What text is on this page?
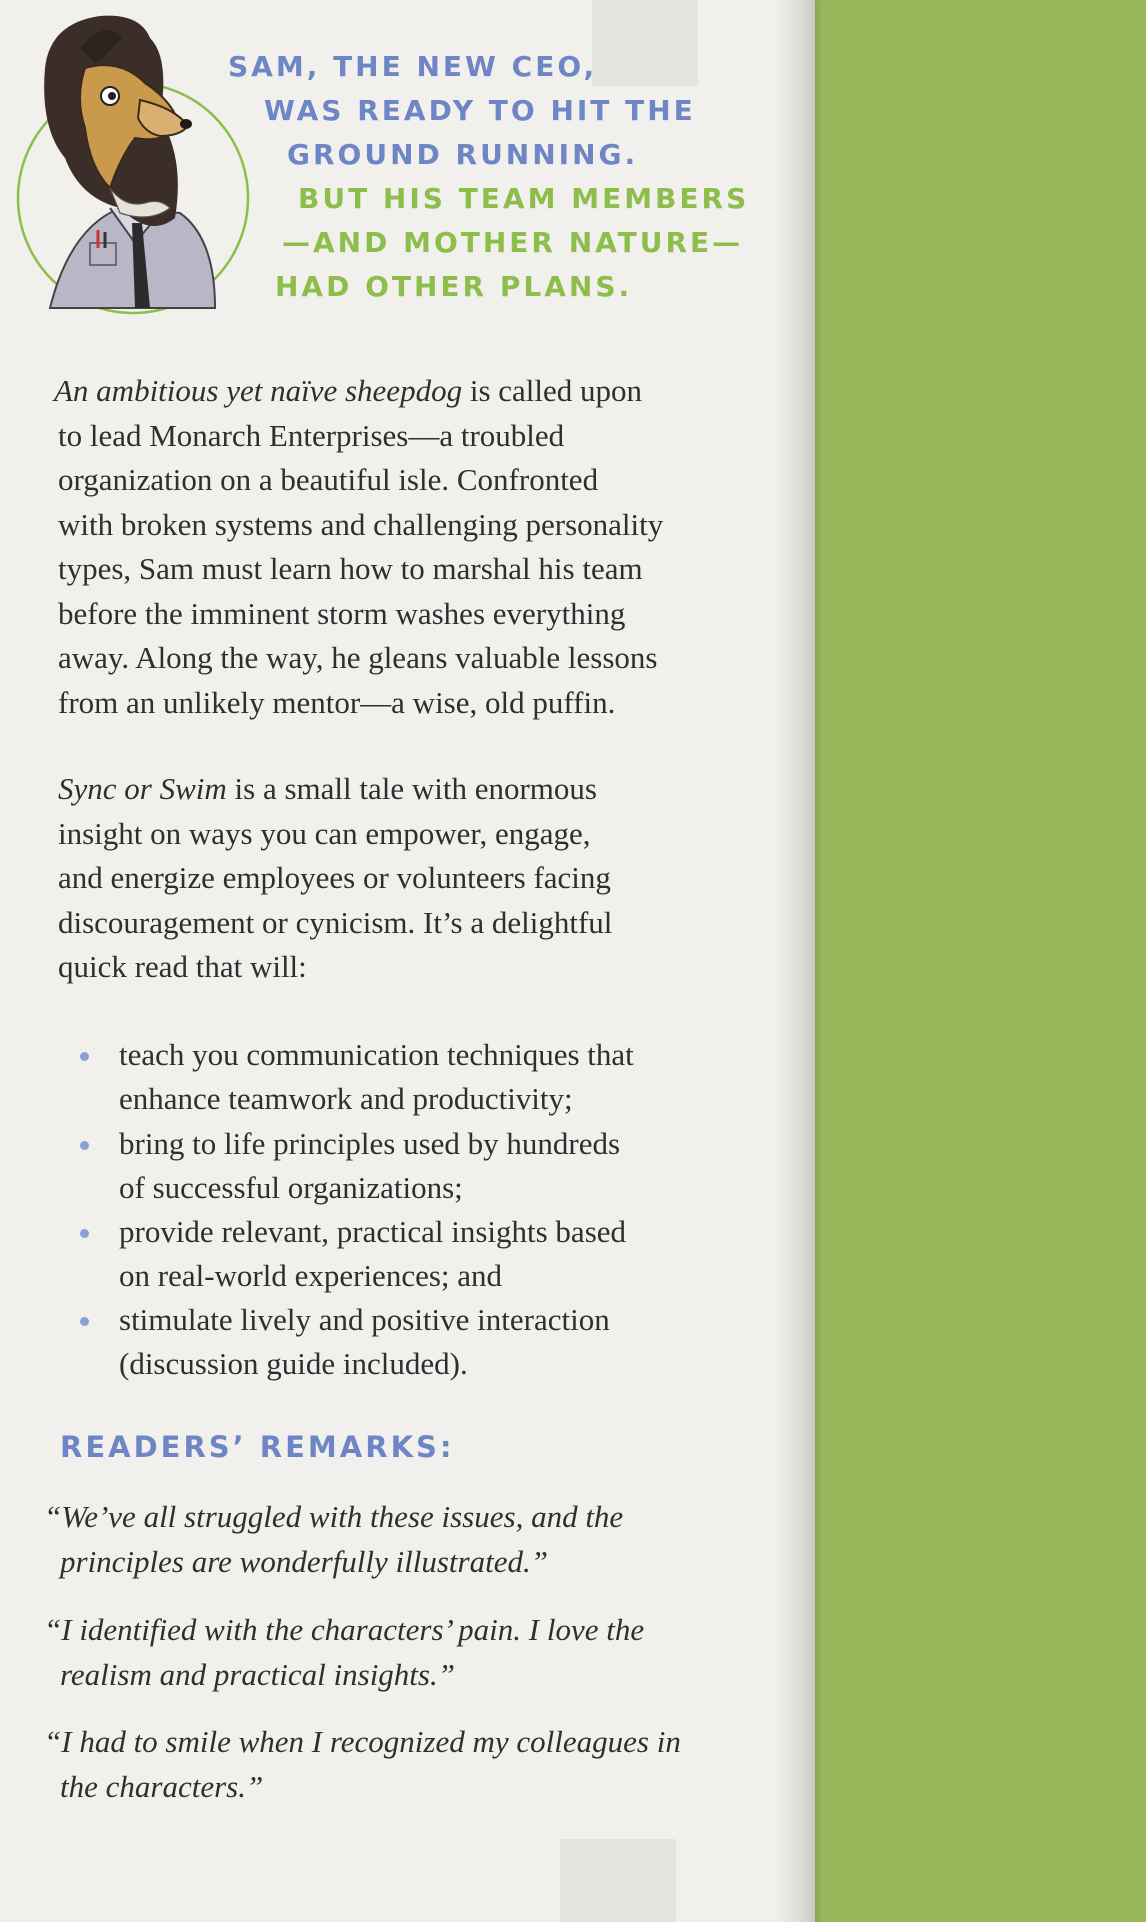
SAM, THE NEW CEO,
WAS READY TO HIT THE
GROUND RUNNING.
BUT HIS TEAM MEMBERS
—AND MOTHER NATURE—
HAD OTHER PLANS.
An ambitious yet naïve sheepdog is called upon
to lead Monarch Enterprises—a troubled
organization on a beautiful isle. Confronted
with broken systems and challenging personality
types, Sam must learn how to marshal his team
before the imminent storm washes everything
away. Along the way, he gleans valuable lessons
from an unlikely mentor—a wise, old puffin.
Sync or Swim is a small tale with enormous
insight on ways you can empower, engage,
and energize employees or volunteers facing
discouragement or cynicism. It’s a delightful
quick read that will:
teach you communication techniques that
enhance teamwork and productivity;
bring to life principles used by hundreds
of successful organizations;
provide relevant, practical insights based
on real-world experiences; and
stimulate lively and positive interaction
(discussion guide included).
READERS’ REMARKS:
“We’ve all struggled with these issues, and the
principles are wonderfully illustrated.”
“I identified with the characters’ pain. I love the
realism and practical insights.”
“I had to smile when I recognized my colleagues in
the characters.”
